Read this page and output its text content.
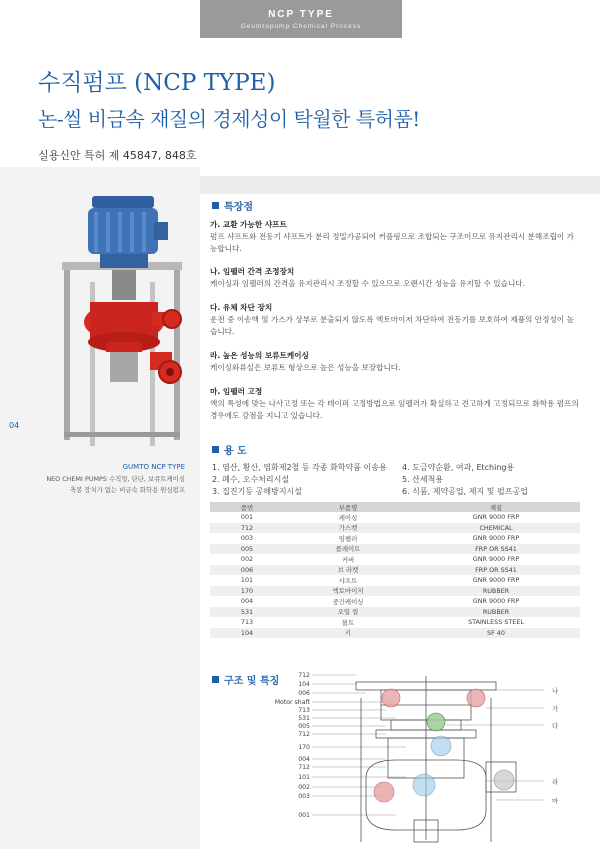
NCP TYPE
Geumtopump Chemical Process
수직펌프 (NCP TYPE)
논-씰 비금속 재질의 경제성이 탁월한 특허품!
실용신안 특허 제 45847, 848호
04
GUMTO NCP TYPE
NEO CHEMI PUMPS 수직형, 단단, 보큐트케이싱
축봉 장치가 없는 비금속 화학용 원심펌프
특장점
가. 교환 가능한 샤프트
펌프 샤프트와 전동기 샤프트가 분리 정밀가공되어 커플링으로 조합되는 구조이므로 유지관리시 분해조립이 가능합니다.
나. 임펠러 간격 조정장치
케이싱과 임펠러의 간격을 유지관리시 조정할 수 있으므로 오랜시간 성능을 유지할 수 있습니다.
다. 유체 차단 장치
운전 중 이송액 및 가스가 상부로 분출되지 않도록 엑토마이저 차단하여 전동기를 보호하여 제품의 안정성이 높습니다.
라. 높은 성능의 보류트케이싱
케이싱와류실은 보류트 형상으로 높은 성능을 보장합니다.
마. 임펠러 고정
액의 특성에 맞는 나사고정 또는 각 테이퍼 고정방법으로 임펠러가 확실하고 견고하게 고정되므로 화학용 펌프의 경우에도 강점을 지니고 있습니다.
용 도
1. 염산, 황산, 염화제2철 등 각종 화학약품 이송용
2. 폐수, 오수처리시설
3. 집진기등 공해방지시설
4. 도금약순환, 여과, Etching용
5. 산세척용
6. 식품, 제약공업, 제지 및 펄프공업
품번	부품명	재질
001	케이싱	GNR 9000 FRP
712	가스켓	CHEMICAL
003	임펠러	GNR 9000 FRP
005	플레이트	FRP OR SS41
002	커버	GNR 9000 FRP
006	브 라켓	FRP OR SS41
101	샤프트	GNR 9000 FRP
170	엑토마이저	RUBBER
004	중간케이싱	GNR 9000 FRP
531	오일 씰	RUBBER
713	볼트	STAINLESS STEEL
104	키	SF 40
구조 및 특징
712
104
006
Motor shaft
713
531
005
712
170
004
712
101
002
003
001
나
가
다
라
마
